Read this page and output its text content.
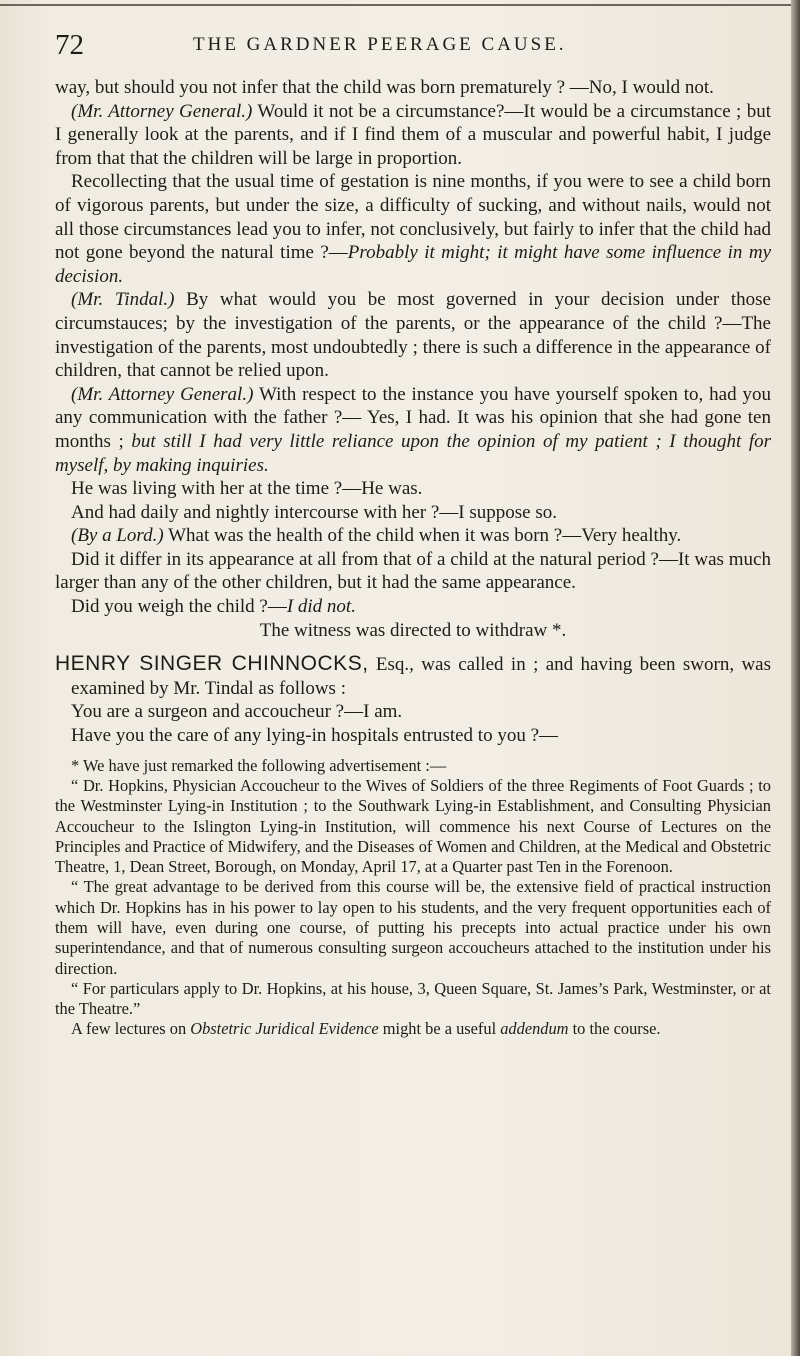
72	THE GARDNER PEERAGE CAUSE.

way, but should you not infer that the child was born prematurely ? —No, I would not.

(Mr. Attorney General.) Would it not be a circumstance?—It would be a circumstance ; but I generally look at the parents, and if I find them of a muscular and powerful habit, I judge from that that the children will be large in proportion.

Recollecting that the usual time of gestation is nine months, if you were to see a child born of vigorous parents, but under the size, a difficulty of sucking, and without nails, would not all those circumstances lead you to infer, not conclusively, but fairly to infer that the child had not gone beyond the natural time ?—Probably it might; it might have some influence in my decision.

(Mr. Tindal.) By what would you be most governed in your decision under those circumstauces; by the investigation of the parents, or the appearance of the child ?—The investigation of the parents, most undoubtedly ; there is such a difference in the appearance of children, that cannot be relied upon.

(Mr. Attorney General.) With respect to the instance you have yourself spoken to, had you any communication with the father ?— Yes, I had. It was his opinion that she had gone ten months ; but still I had very little reliance upon the opinion of my patient ; I thought for myself, by making inquiries.

He was living with her at the time ?—He was.

And had daily and nightly intercourse with her ?—I suppose so.

(By a Lord.) What was the health of the child when it was born ?—Very healthy.

Did it differ in its appearance at all from that of a child at the natural period ?—It was much larger than any of the other children, but it had the same appearance.

Did you weigh the child ?—I did not.

The witness was directed to withdraw *.

HENRY SINGER CHINNOCKS, Esq., was called in ; and having been sworn, was examined by Mr. Tindal as follows :

You are a surgeon and accoucheur ?—I am.

Have you the care of any lying-in hospitals entrusted to you ?—

* We have just remarked the following advertisement :—

“ Dr. Hopkins, Physician Accoucheur to the Wives of Soldiers of the three Regiments of Foot Guards ; to the Westminster Lying-in Institution ; to the Southwark Lying-in Establishment, and Consulting Physician Accoucheur to the Islington Lying-in Institution, will commence his next Course of Lectures on the Principles and Practice of Midwifery, and the Diseases of Women and Children, at the Medical and Obstetric Theatre, 1, Dean Street, Borough, on Monday, April 17, at a Quarter past Ten in the Forenoon.

“ The great advantage to be derived from this course will be, the extensive field of practical instruction which Dr. Hopkins has in his power to lay open to his students, and the very frequent opportunities each of them will have, even during one course, of putting his precepts into actual practice under his own superintendance, and that of numerous consulting surgeon accoucheurs attached to the institution under his direction.

“ For particulars apply to Dr. Hopkins, at his house, 3, Queen Square, St. James’s Park, Westminster, or at the Theatre.”

A few lectures on Obstetric Juridical Evidence might be a useful addendum to the course.
